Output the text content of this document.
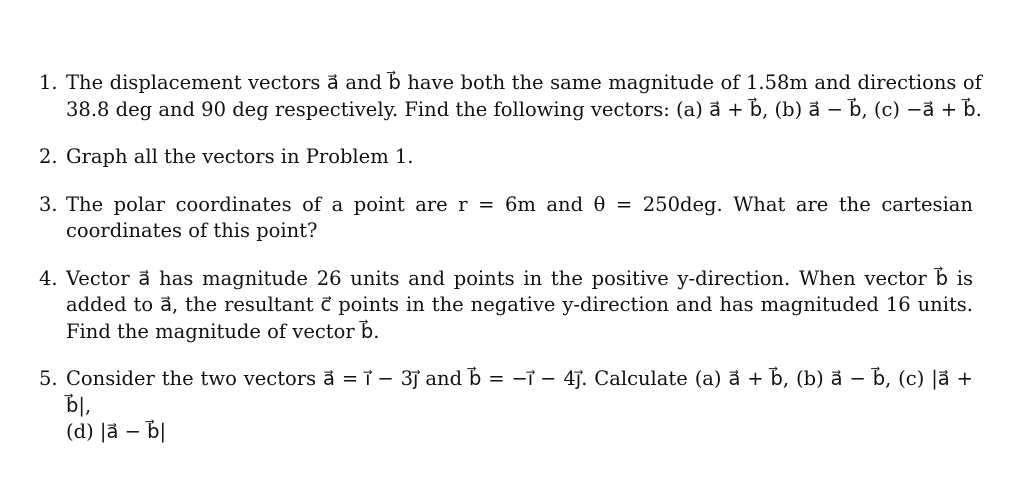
1. The displacement vectors a⃗ and b⃗ have both the same magnitude of 1.58m and directions of
38.8 deg and 90 deg respectively. Find the following vectors: (a) a⃗ + b⃗, (b) a⃗ − b⃗, (c) −a⃗ + b⃗.
2. Graph all the vectors in Problem 1.
3. The polar coordinates of a point are r = 6m and θ = 250deg. What are the cartesian
coordinates of this point?
4. Vector a⃗ has magnitude 26 units and points in the positive y-direction. When vector b⃗ is
added to a⃗, the resultant c⃗ points in the negative y-direction and has magnituded 16 units.
Find the magnitude of vector b⃗.
5. Consider the two vectors a⃗ = i⃗ − 3j⃗ and b⃗ = −i⃗ − 4j⃗. Calculate (a) a⃗ + b⃗, (b) a⃗ − b⃗, (c) |a⃗ + b⃗|,
(d) |a⃗ − b⃗|
